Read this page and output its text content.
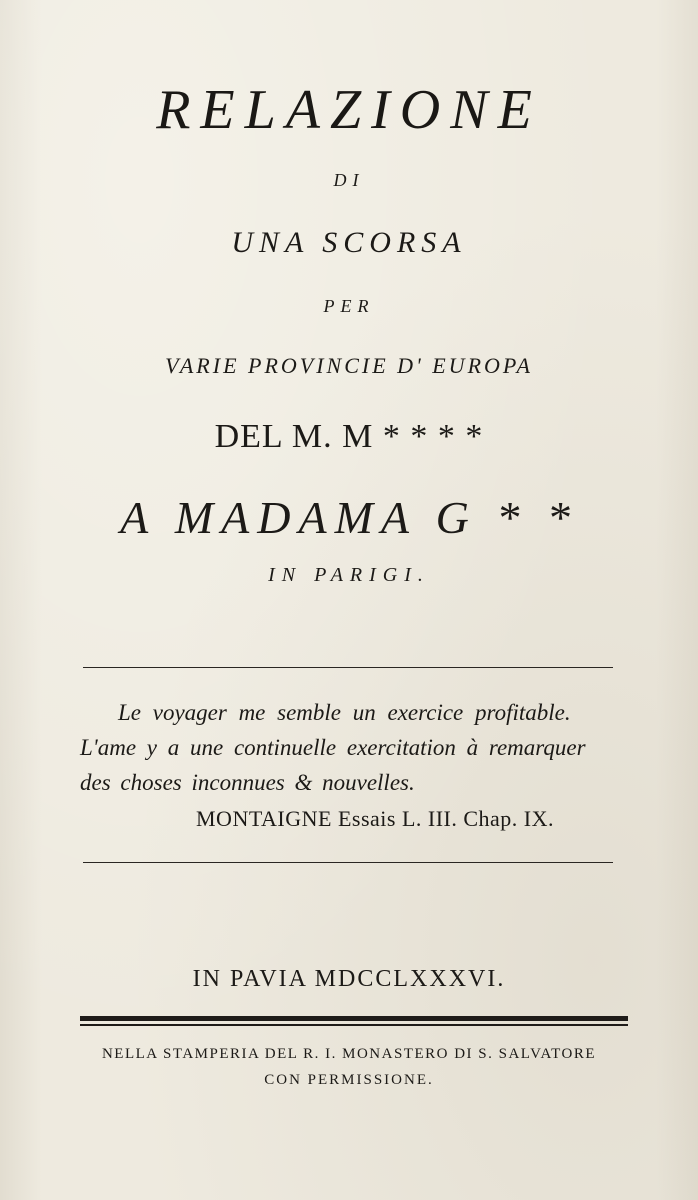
RELAZIONE
DI
UNA SCORSA
PER
VARIE PROVINCIE D' EUROPA
DEL M. M * * * *
A MADAMA G * *
IN PARIGI.
Le voyager me semble un exercice profitable.
L'ame y a une continuelle exercitation à remarquer
des choses inconnues & nouvelles.
MONTAIGNE Essais L. III. Chap. IX.
IN PAVIA MDCCLXXXVI.
NELLA STAMPERIA DEL R. I. MONASTERO DI S. SALVATORE
CON PERMISSIONE.
